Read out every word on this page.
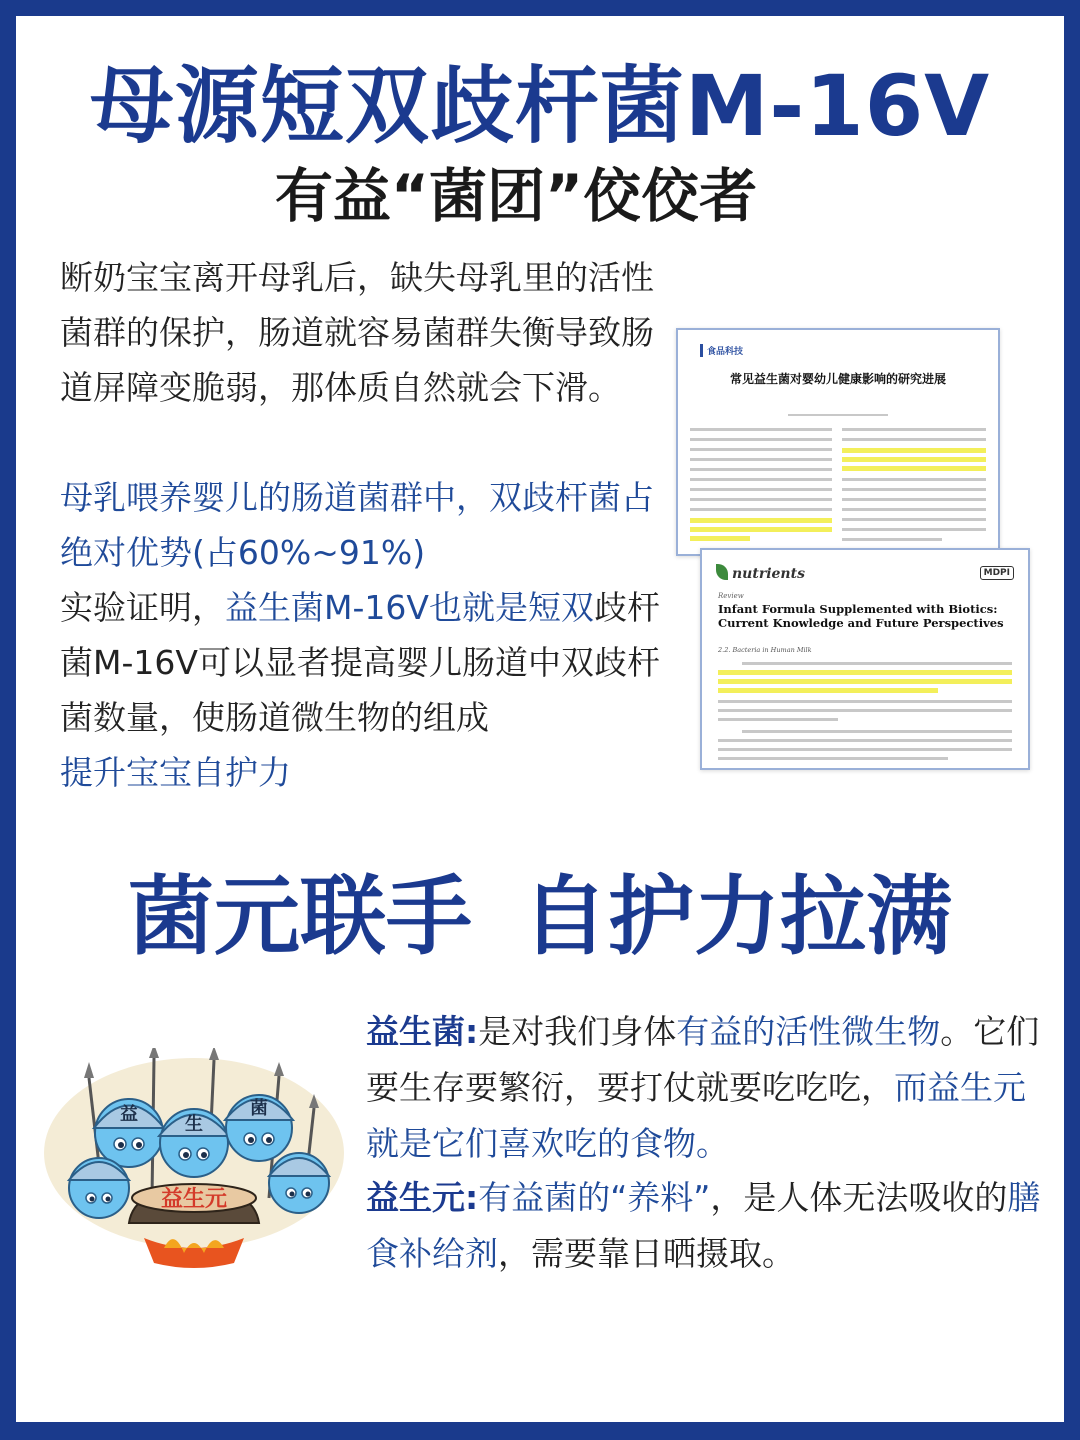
母源短双歧杆菌M-16V
有益“菌团”佼佼者

断奶宝宝离开母乳后，缺失母乳里的活性菌群的保护，肠道就容易菌群失衡导致肠道屏障变脆弱，那体质自然就会下滑。

母乳喂养婴儿的肠道菌群中，双歧杆菌占绝对优势(占60%~91%)

实验证明，益生菌M-16V也就是短双歧杆菌M-16V可以显者提高婴儿肠道中双歧杆菌数量，使肠道微生物的组成
提升宝宝自护力

食品科技
常见益生菌对婴幼儿健康影响的研究进展
nutrients	MDPI
Review
Infant Formula Supplemented with Biotics: Current Knowledge and Future Perspectives
2.2. Bacteria in Human Milk
菌元联手 自护力拉满
益	生
菌
益生元

益生菌:是对我们身体有益的活性微生物。它们要生存要繁衍，要打仗就要吃吃吃，而益生元就是它们喜欢吃的食物。

益生元:有益菌的“养料”，是人体无法吸收的膳食补给剂，需要靠日晒摄取。
